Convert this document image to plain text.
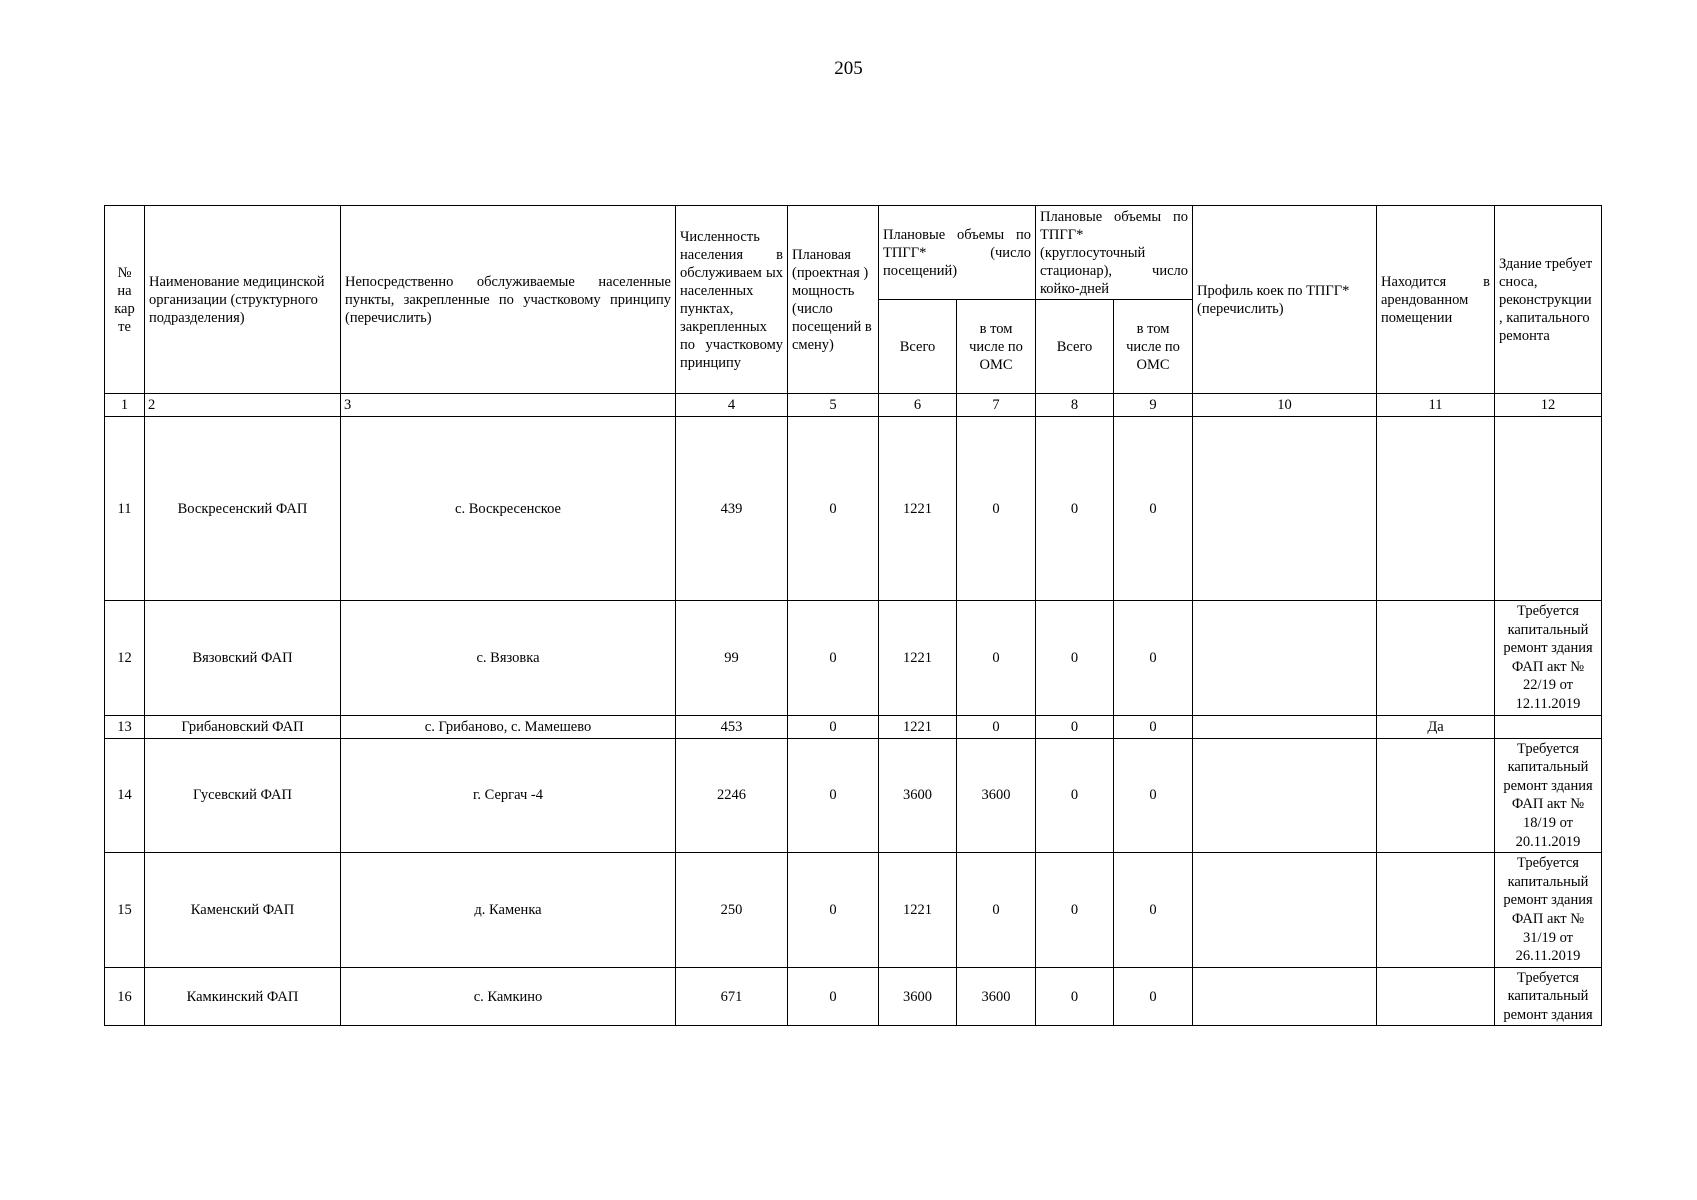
205
№ на кар те	Наименование медицинской организации (структурного подразделения)	Непосредственно обслуживаемые населенные пункты, закрепленные по участковому принципу (перечислить)	Численность населения в обслуживаем ых населенных пунктах, закрепленных по участковому принципу	Плановая (проектная ) мощность (число посещений в смену)	Плановые объемы по ТПГГ* (число посещений)		Плановые объемы по ТПГГ* (круглосуточный стационар), число койко-дней		Профиль коек по ТПГГ* (перечислить)	Находится в арендованном помещении	Здание требует сноса, реконструкции , капитального ремонта
					Всего	в том числе по ОМС	Всего	в том числе по ОМС			
1	2	3	4	5	6	7	8	9	10	11	12
11	Воскресенский ФАП	с. Воскресенское	439	0	1221	0	0	0			
12	Вязовский ФАП	с. Вязовка	99	0	1221	0	0	0			Требуется капитальный ремонт здания ФАП акт № 22/19 от 12.11.2019
13	Грибановский ФАП	с. Грибаново, с. Мамешево	453	0	1221	0	0	0		Да	
14	Гусевский ФАП	г. Сергач -4	2246	0	3600	3600	0	0			Требуется капитальный ремонт здания ФАП акт № 18/19 от 20.11.2019
15	Каменский ФАП	д. Каменка	250	0	1221	0	0	0			Требуется капитальный ремонт здания ФАП акт № 31/19 от 26.11.2019
16	Камкинский ФАП	с. Камкино	671	0	3600	3600	0	0			Требуется капитальный ремонт здания
